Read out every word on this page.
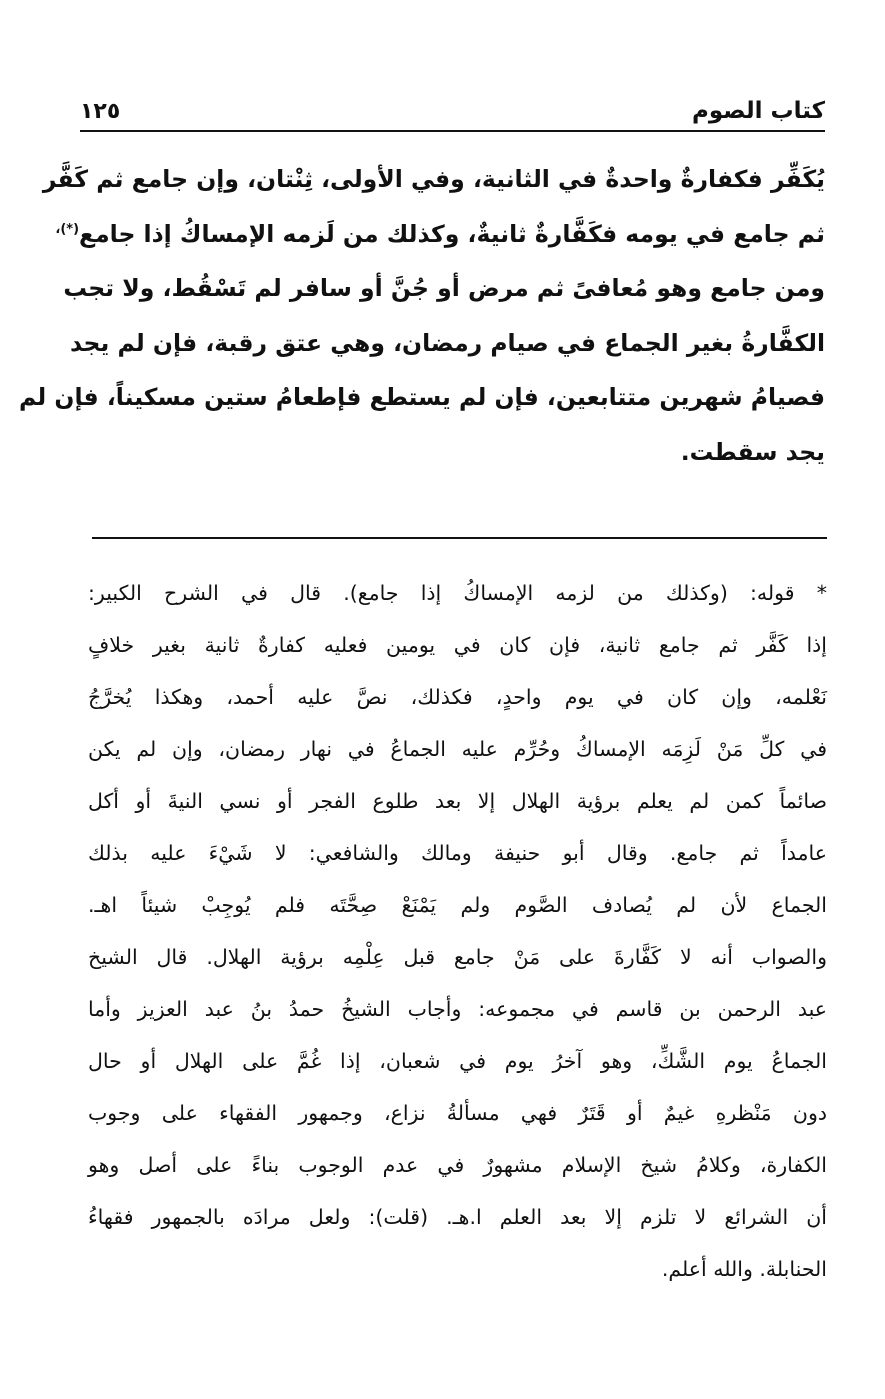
كتاب الصوم
١٢٥
يُكَفِّر فكفارةٌ واحدةٌ في الثانية، وفي الأولى، ثِنْتان، وإن جامع ثم كَفَّر
ثم جامع في يومه فكَفَّارةٌ ثانيةٌ، وكذلك من لَزمه الإمساكُ إذا جامع(*)،
ومن جامع وهو مُعافىً ثم مرض أو جُنَّ أو سافر لم تَسْقُط، ولا تجب
الكفَّارةُ بغير الجماع في صيام رمضان، وهي عتق رقبة، فإن لم يجد
فصيامُ شهرين متتابعين، فإن لم يستطع فإطعامُ ستين مسكيناً، فإن لم
يجد سقطت.
* قوله: (وكذلك من لزمه الإمساكُ إذا جامع). قال في الشرح الكبير:
إذا كَفَّر ثم جامع ثانية، فإن كان في يومين فعليه كفارةٌ ثانية بغير خلافٍ
نَعْلمه، وإن كان في يوم واحدٍ، فكذلك، نصَّ عليه أحمد، وهكذا يُخرَّجُ
في كلِّ مَنْ لَزِمَه الإمساكُ وحُرِّم عليه الجماعُ في نهار رمضان، وإن لم يكن
صائماً كمن لم يعلم برؤية الهلال إلا بعد طلوع الفجر أو نسي النيةَ أو أكل
عامداً ثم جامع. وقال أبو حنيفة ومالك والشافعي: لا شَيْءَ عليه بذلك
الجماع لأن لم يُصادف الصَّوم ولم يَمْنَعْ صِحَّتَه فلم يُوجِبْ شيئاً اهـ.
والصواب أنه لا كَفَّارةَ على مَنْ جامع قبل عِلْمِه برؤية الهلال. قال الشيخ
عبد الرحمن بن قاسم في مجموعه: وأجاب الشيخُ حمدُ بنُ عبد العزيز وأما
الجماعُ يوم الشَّكِّ، وهو آخرُ يوم في شعبان، إذا غُمَّ على الهلال أو حال
دون مَنْظرهِ غيمٌ أو قَتَرٌ فهي مسألةُ نزاع، وجمهور الفقهاء على وجوب
الكفارة، وكلامُ شيخ الإسلام مشهورٌ في عدم الوجوب بناءً على أصل وهو
أن الشرائع لا تلزم إلا بعد العلم ا.هـ. (قلت): ولعل مرادَه بالجمهور فقهاءُ
الحنابلة. والله أعلم.
